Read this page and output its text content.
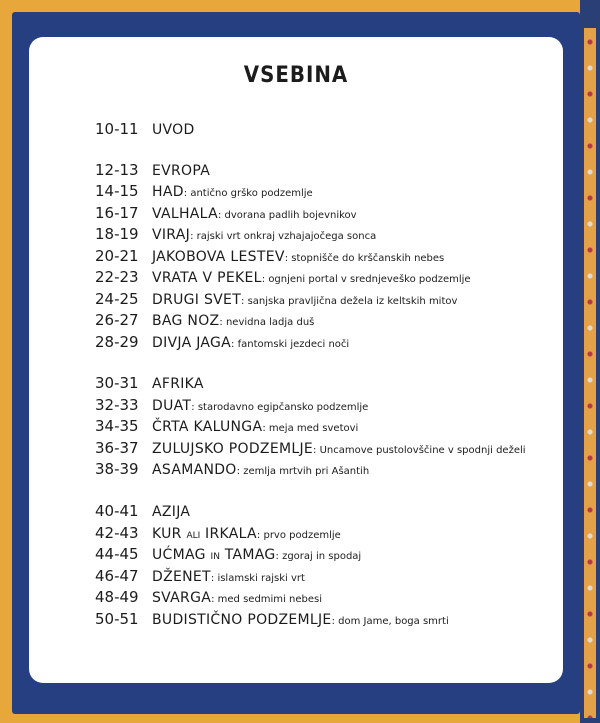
VSEBINA
10-11 UVOD
12-13 EVROPA
14-15 HAD: antično grško podzemlje
16-17 VALHALA: dvorana padlih bojevnikov
18-19 VIRAJ: rajski vrt onkraj vzhajajočega sonca
20-21 JAKOBOVA LESTEV: stopnišče do krščanskih nebes
22-23 VRATA V PEKEL: ognjeni portal v srednjeveško podzemlje
24-25 DRUGI SVET: sanjska pravljična dežela iz keltskih mitov
26-27 BAG NOZ: nevidna ladja duš
28-29 DIVJA JAGA: fantomski jezdeci noči
30-31 AFRIKA
32-33 DUAT: starodavno egipčansko podzemlje
34-35 ČRTA KALUNGA: meja med svetovi
36-37 ZULUJSKO PODZEMLJE: Uncamove pustolovščine v spodnji deželi
38-39 ASAMANDO: zemlja mrtvih pri Ašantih
40-41 AZIJA
42-43 KUR ALI IRKALA: prvo podzemlje
44-45 UĆMAG IN TAMAG: zgoraj in spodaj
46-47 DŽENET: islamski rajski vrt
48-49 SVARGA: med sedmimi nebesi
50-51 BUDISTIČNO PODZEMLJE: dom Jame, boga smrti
